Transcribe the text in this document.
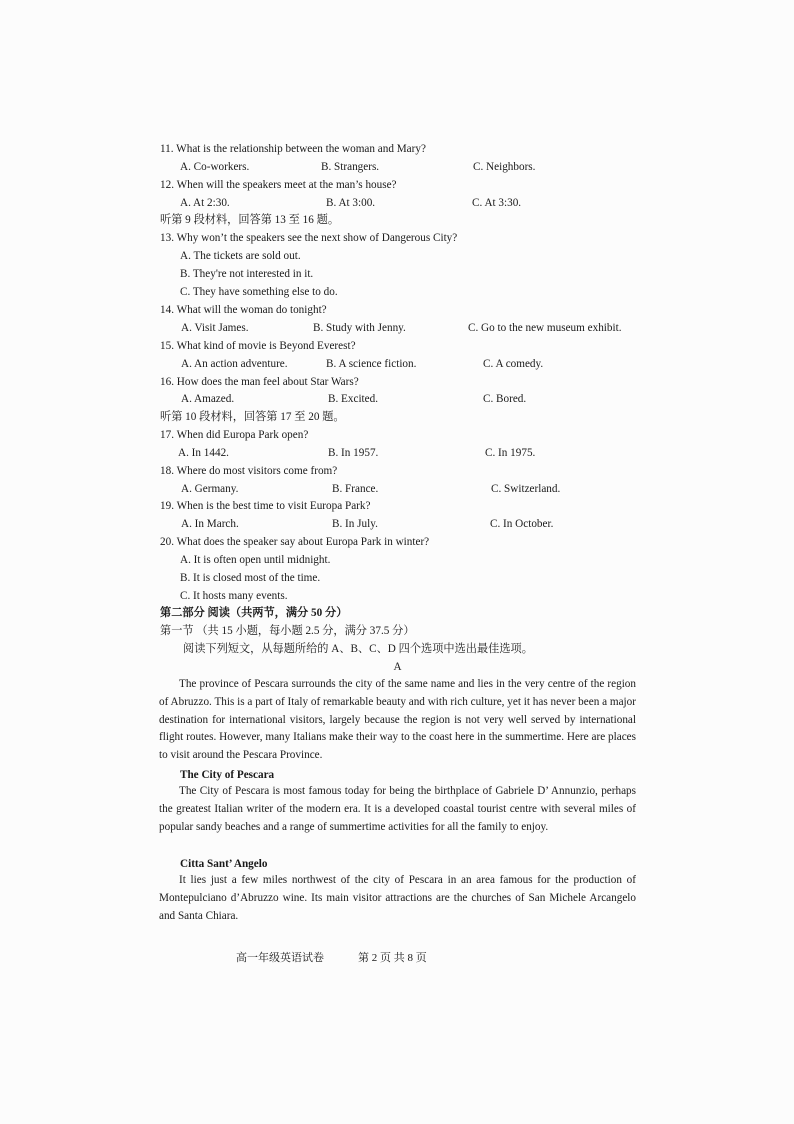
11. What is the relationship between the woman and Mary?
A. Co-workers.	B. Strangers.	C. Neighbors.
12. When will the speakers meet at the man’s house?
A. At 2:30.	B. At 3:00.	C. At 3:30.
听第 9 段材料，回答第 13 至 16 题。
13. Why won’t the speakers see the next show of Dangerous City?
A. The tickets are sold out.
B. They're not interested in it.
C. They have something else to do.
14. What will the woman do tonight?
A. Visit James.	B. Study with Jenny.	C. Go to the new museum exhibit.
15. What kind of movie is Beyond Everest?
A. An action adventure.	B. A science fiction.	C. A comedy.
16. How does the man feel about Star Wars?
A. Amazed.	B. Excited.	C. Bored.
听第 10 段材料，回答第 17 至 20 题。
17. When did Europa Park open?
A. In 1442.	B. In 1957.	C. In 1975.
18. Where do most visitors come from?
A. Germany.	B. France.	C. Switzerland.
19. When is the best time to visit Europa Park?
A. In March.	B. In July.	C. In October.
20. What does the speaker say about Europa Park in winter?
A. It is often open until midnight.
B. It is closed most of the time.
C. It hosts many events.
第二部分 阅读（共两节，满分 50 分）
第一节 （共 15 小题，每小题 2.5 分，满分 37.5 分）
阅读下列短文，从每题所给的 A、B、C、D 四个选项中选出最佳选项。
A
The province of Pescara surrounds the city of the same name and lies in the very centre of the region of Abruzzo. This is a part of Italy of remarkable beauty and with rich culture, yet it has never been a major destination for international visitors, largely because the region is not very well served by international flight routes. However, many Italians make their way to the coast here in the summertime. Here are places to visit around the Pescara Province.
The City of Pescara
The City of Pescara is most famous today for being the birthplace of Gabriele D’ Annunzio, perhaps the greatest Italian writer of the modern era. It is a developed coastal tourist centre with several miles of popular sandy beaches and a range of summertime activities for all the family to enjoy.
Citta Sant’ Angelo
It lies just a few miles northwest of the city of Pescara in an area famous for the production of Montepulciano d’Abruzzo wine. Its main visitor attractions are the churches of San Michele Arcangelo and Santa Chiara.
高一年级英语试卷	第 2 页 共 8 页
